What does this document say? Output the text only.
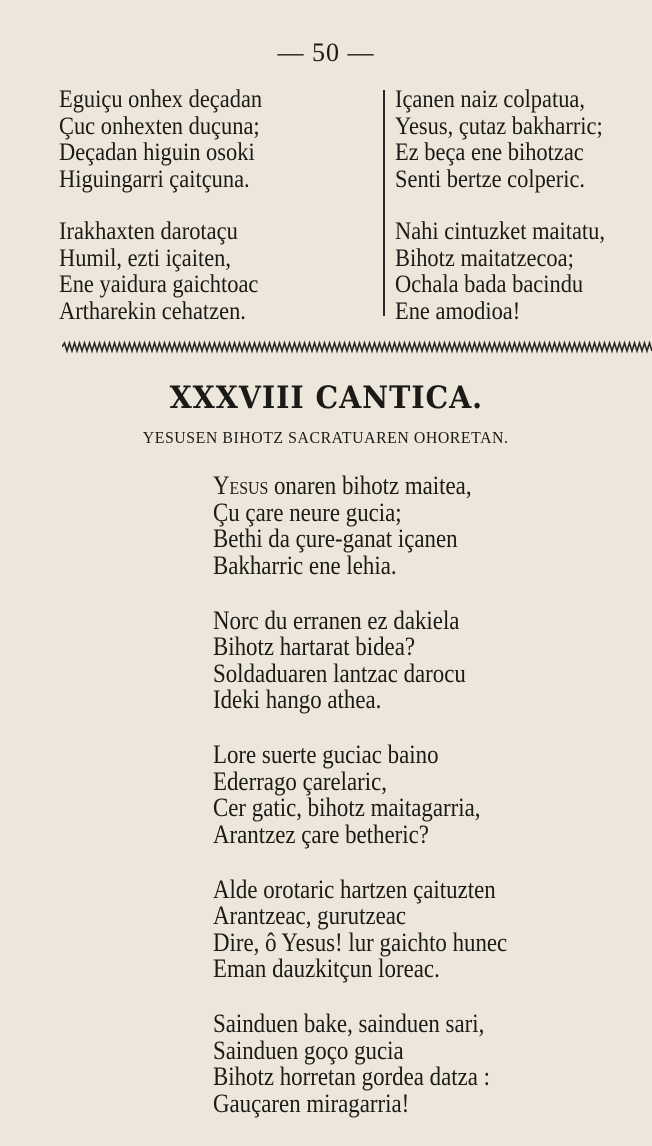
— 50 —
Eguiçu onhex deçadan
Çuc onhexten duçuna;
Deçadan higuin osoki
Higuingarri çaitçuna.
Irakhaxten darotaçu
Humil, ezti içaiten,
Ene yaidura gaichtoac
Artharekin cehatzen.
Içanen naiz colpatua,
Yesus, çutaz bakharric;
Ez beça ene bihotzac
Senti bertze colperic.
Nahi cintuzket maitatu,
Bihotz maitatzecoa;
Ochala bada bacindu
Ene amodioa!
XXXVIII CANTICA.
YESUSEN BIHOTZ SACRATUAREN OHORETAN.
Yesus onaren bihotz maitea,
Çu çare neure gucia;
Bethi da çure-ganat içanen
Bakharric ene lehia.
Norc du erranen ez dakiela
Bihotz hartarat bidea?
Soldaduaren lantzac darocu
Ideki hango athea.
Lore suerte guciac baino
Ederrago çarelaric,
Cer gatic, bihotz maitagarria,
Arantzez çare betheric?
Alde orotaric hartzen çaituzten
Arantzeac, gurutzeac
Dire, ô Yesus! lur gaichto hunec
Eman dauzkitçun loreac.
Sainduen bake, sainduen sari,
Sainduen goço gucia
Bihotz horretan gordea datza :
Gauçaren miragarria!
